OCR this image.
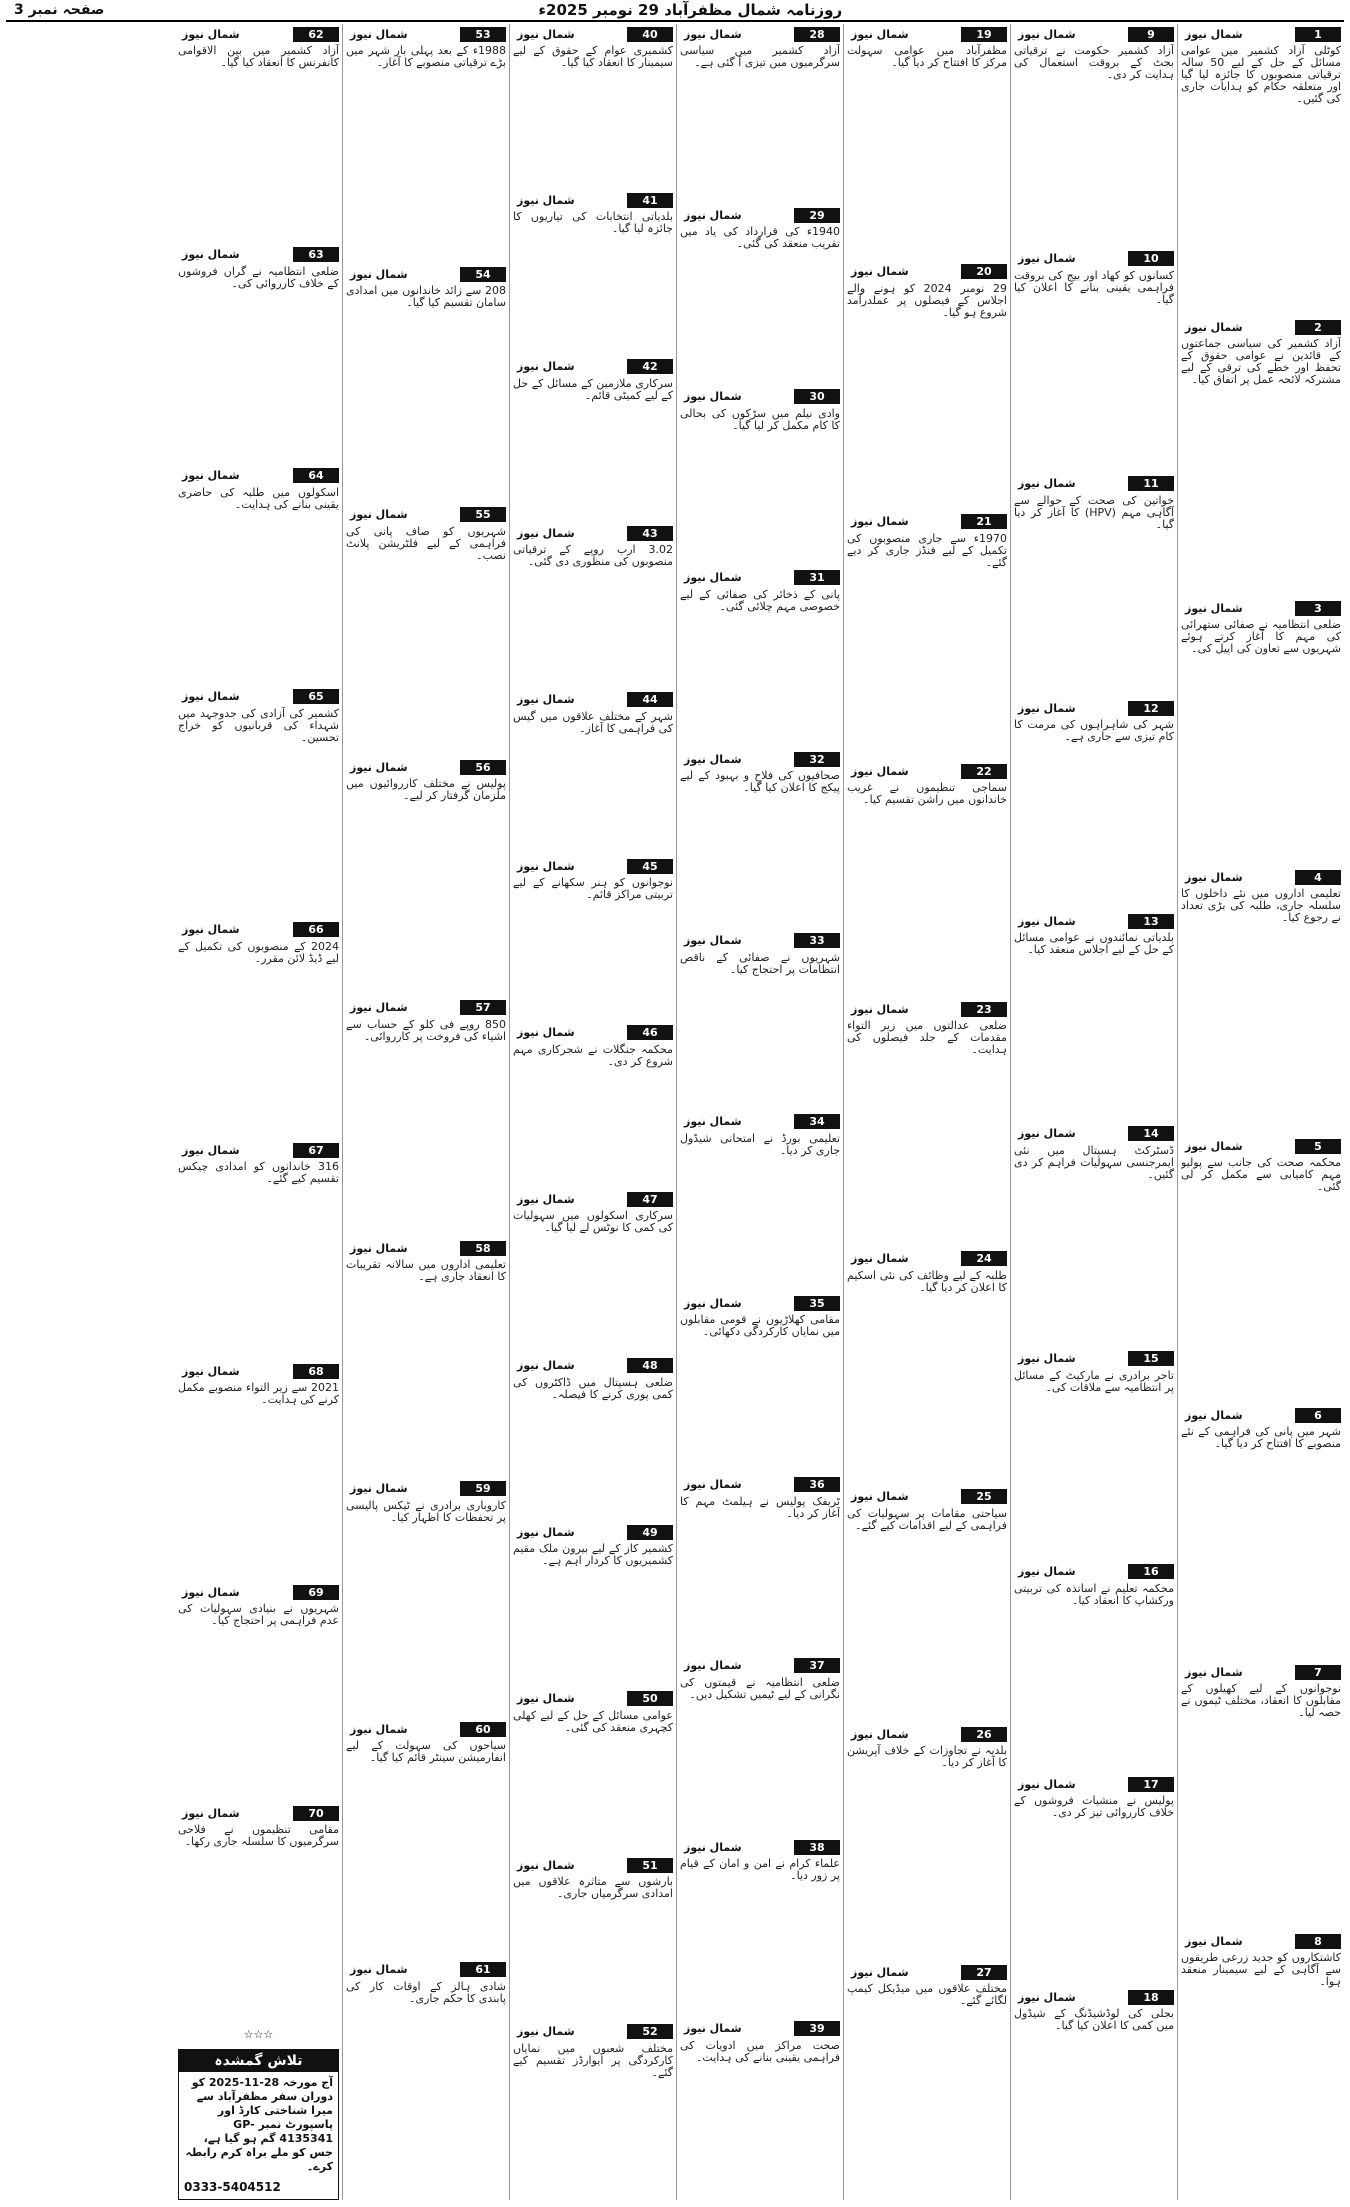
صفحہ نمبر 3	روزنامہ شمال مظفرآباد 29 نومبر 2025ء
شمال نیوز	1
کوٹلی آزاد کشمیر میں عوامی مسائل کے حل کے لیے 50 سالہ ترقیاتی منصوبوں کا جائزہ لیا گیا اور متعلقہ حکام کو ہدایات جاری کی گئیں۔
شمال نیوز	2
آزاد کشمیر کی سیاسی جماعتوں کے قائدین نے عوامی حقوق کے تحفظ اور خطے کی ترقی کے لیے مشترکہ لائحہ عمل پر اتفاق کیا۔
شمال نیوز	3
ضلعی انتظامیہ نے صفائی ستھرائی کی مہم کا آغاز کرتے ہوئے شہریوں سے تعاون کی اپیل کی۔
شمال نیوز	4
تعلیمی اداروں میں نئے داخلوں کا سلسلہ جاری، طلبہ کی بڑی تعداد نے رجوع کیا۔
شمال نیوز	5
محکمہ صحت کی جانب سے پولیو مہم کامیابی سے مکمل کر لی گئی۔
شمال نیوز	6
شہر میں پانی کی فراہمی کے نئے منصوبے کا افتتاح کر دیا گیا۔
شمال نیوز	7
نوجوانوں کے لیے کھیلوں کے مقابلوں کا انعقاد، مختلف ٹیموں نے حصہ لیا۔
شمال نیوز	8
کاشتکاروں کو جدید زرعی طریقوں سے آگاہی کے لیے سیمینار منعقد ہوا۔
شمال نیوز	9
آزاد کشمیر حکومت نے ترقیاتی بجٹ کے بروقت استعمال کی ہدایت کر دی۔
شمال نیوز	10
کسانوں کو کھاد اور بیج کی بروقت فراہمی یقینی بنانے کا اعلان کیا گیا۔
شمال نیوز	11
خواتین کی صحت کے حوالے سے آگاہی مہم (HPV) کا آغاز کر دیا گیا۔
شمال نیوز	12
شہر کی شاہراہوں کی مرمت کا کام تیزی سے جاری ہے۔
شمال نیوز	13
بلدیاتی نمائندوں نے عوامی مسائل کے حل کے لیے اجلاس منعقد کیا۔
شمال نیوز	14
ڈسٹرکٹ ہسپتال میں نئی ایمرجنسی سہولیات فراہم کر دی گئیں۔
شمال نیوز	15
تاجر برادری نے مارکیٹ کے مسائل پر انتظامیہ سے ملاقات کی۔
شمال نیوز	16
محکمہ تعلیم نے اساتذہ کی تربیتی ورکشاپ کا انعقاد کیا۔
شمال نیوز	17
پولیس نے منشیات فروشوں کے خلاف کارروائی تیز کر دی۔
شمال نیوز	18
بجلی کی لوڈشیڈنگ کے شیڈول میں کمی کا اعلان کیا گیا۔
شمال نیوز	19
مظفرآباد میں عوامی سہولت مرکز کا افتتاح کر دیا گیا۔
شمال نیوز	20
29 نومبر 2024 کو ہونے والے اجلاس کے فیصلوں پر عملدرآمد شروع ہو گیا۔
شمال نیوز	21
1970ء سے جاری منصوبوں کی تکمیل کے لیے فنڈز جاری کر دیے گئے۔
شمال نیوز	22
سماجی تنظیموں نے غریب خاندانوں میں راشن تقسیم کیا۔
شمال نیوز	23
ضلعی عدالتوں میں زیر التواء مقدمات کے جلد فیصلوں کی ہدایت۔
شمال نیوز	24
طلبہ کے لیے وظائف کی نئی اسکیم کا اعلان کر دیا گیا۔
شمال نیوز	25
سیاحتی مقامات پر سہولیات کی فراہمی کے لیے اقدامات کیے گئے۔
شمال نیوز	26
بلدیہ نے تجاوزات کے خلاف آپریشن کا آغاز کر دیا۔
شمال نیوز	27
مختلف علاقوں میں میڈیکل کیمپ لگائے گئے۔
شمال نیوز	28
آزاد کشمیر میں سیاسی سرگرمیوں میں تیزی آ گئی ہے۔
شمال نیوز	29
1940ء کی قرارداد کی یاد میں تقریب منعقد کی گئی۔
شمال نیوز	30
وادی نیلم میں سڑکوں کی بحالی کا کام مکمل کر لیا گیا۔
شمال نیوز	31
پانی کے ذخائر کی صفائی کے لیے خصوصی مہم چلائی گئی۔
شمال نیوز	32
صحافیوں کی فلاح و بہبود کے لیے پیکج کا اعلان کیا گیا۔
شمال نیوز	33
شہریوں نے صفائی کے ناقص انتظامات پر احتجاج کیا۔
شمال نیوز	34
تعلیمی بورڈ نے امتحانی شیڈول جاری کر دیا۔
شمال نیوز	35
مقامی کھلاڑیوں نے قومی مقابلوں میں نمایاں کارکردگی دکھائی۔
شمال نیوز	36
ٹریفک پولیس نے ہیلمٹ مہم کا آغاز کر دیا۔
شمال نیوز	37
ضلعی انتظامیہ نے قیمتوں کی نگرانی کے لیے ٹیمیں تشکیل دیں۔
شمال نیوز	38
علماء کرام نے امن و امان کے قیام پر زور دیا۔
شمال نیوز	39
صحت مراکز میں ادویات کی فراہمی یقینی بنانے کی ہدایت۔
شمال نیوز	40
کشمیری عوام کے حقوق کے لیے سیمینار کا انعقاد کیا گیا۔
شمال نیوز	41
بلدیاتی انتخابات کی تیاریوں کا جائزہ لیا گیا۔
شمال نیوز	42
سرکاری ملازمین کے مسائل کے حل کے لیے کمیٹی قائم۔
شمال نیوز	43
3.02 ارب روپے کے ترقیاتی منصوبوں کی منظوری دی گئی۔
شمال نیوز	44
شہر کے مختلف علاقوں میں گیس کی فراہمی کا آغاز۔
شمال نیوز	45
نوجوانوں کو ہنر سکھانے کے لیے تربیتی مراکز قائم۔
شمال نیوز	46
محکمہ جنگلات نے شجرکاری مہم شروع کر دی۔
شمال نیوز	47
سرکاری اسکولوں میں سہولیات کی کمی کا نوٹس لے لیا گیا۔
شمال نیوز	48
ضلعی ہسپتال میں ڈاکٹروں کی کمی پوری کرنے کا فیصلہ۔
شمال نیوز	49
کشمیر کاز کے لیے بیرون ملک مقیم کشمیریوں کا کردار اہم ہے۔
شمال نیوز	50
عوامی مسائل کے حل کے لیے کھلی کچہری منعقد کی گئی۔
شمال نیوز	51
بارشوں سے متاثرہ علاقوں میں امدادی سرگرمیاں جاری۔
شمال نیوز	52
مختلف شعبوں میں نمایاں کارکردگی پر ایوارڈز تقسیم کیے گئے۔
شمال نیوز	53
1988ء کے بعد پہلی بار شہر میں بڑے ترقیاتی منصوبے کا آغاز۔
شمال نیوز	54
208 سے زائد خاندانوں میں امدادی سامان تقسیم کیا گیا۔
شمال نیوز	55
شہریوں کو صاف پانی کی فراہمی کے لیے فلٹریشن پلانٹ نصب۔
شمال نیوز	56
پولیس نے مختلف کارروائیوں میں ملزمان گرفتار کر لیے۔
شمال نیوز	57
850 روپے فی کلو کے حساب سے اشیاء کی فروخت پر کارروائی۔
شمال نیوز	58
تعلیمی اداروں میں سالانہ تقریبات کا انعقاد جاری ہے۔
شمال نیوز	59
کاروباری برادری نے ٹیکس پالیسی پر تحفظات کا اظہار کیا۔
شمال نیوز	60
سیاحوں کی سہولت کے لیے انفارمیشن سینٹر قائم کیا گیا۔
شمال نیوز	61
شادی ہالز کے اوقات کار کی پابندی کا حکم جاری۔
شمال نیوز	62
آزاد کشمیر میں بین الاقوامی کانفرنس کا انعقاد کیا گیا۔
شمال نیوز	63
ضلعی انتظامیہ نے گراں فروشوں کے خلاف کارروائی کی۔
شمال نیوز	64
اسکولوں میں طلبہ کی حاضری یقینی بنانے کی ہدایت۔
شمال نیوز	65
کشمیر کی آزادی کی جدوجہد میں شہداء کی قربانیوں کو خراج تحسین۔
شمال نیوز	66
2024 کے منصوبوں کی تکمیل کے لیے ڈیڈ لائن مقرر۔
شمال نیوز	67
316 خاندانوں کو امدادی چیکس تقسیم کیے گئے۔
شمال نیوز	68
2021 سے زیر التواء منصوبے مکمل کرنے کی ہدایت۔
شمال نیوز	69
شہریوں نے بنیادی سہولیات کی عدم فراہمی پر احتجاج کیا۔
شمال نیوز	70
مقامی تنظیموں نے فلاحی سرگرمیوں کا سلسلہ جاری رکھا۔
☆☆☆
تلاش گمشدہ
آج مورخہ 28-11-2025 کو دوران سفر مظفرآباد سے میرا شناختی کارڈ اور پاسپورٹ نمبر GP-4135341 گم ہو گیا ہے، جس کو ملے براہ کرم رابطہ کرے۔
0333-5404512
